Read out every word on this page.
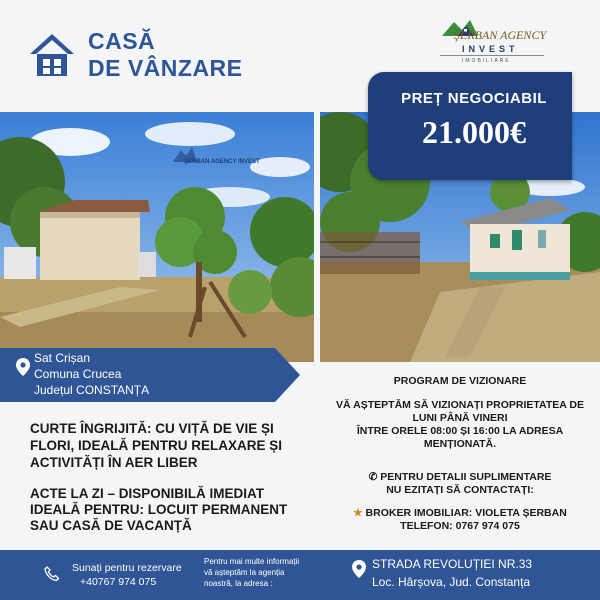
CASĂ
DE VÂNZARE
ŞERBAN AGENCY
INVEST
IMOBILIARE
ŞERBAN AGENCY INVEST
PREȚ NEGOCIABIL
21.000€
Sat Crișan
Comuna Crucea
Județul CONSTANȚA
CURTE ÎNGRIJITĂ: CU VIȚĂ DE VIE ȘI FLORI, IDEALĂ PENTRU RELAXARE ȘI ACTIVITĂȚI ÎN AER LIBER
ACTE LA ZI – DISPONIBILĂ IMEDIAT IDEALĂ PENTRU: LOCUIT PERMANENT SAU CASĂ DE VACANȚĂ
PROGRAM DE VIZIONARE
VĂ AȘTEPTĂM SĂ VIZIONAȚI PROPRIETATEA DE
LUNI PÂNĂ VINERI
ÎNTRE ORELE 08:00 ȘI 16:00 LA ADRESA
MENȚIONATĂ.
✆ PENTRU DETALII SUPLIMENTARE
NU EZITAȚI SĂ CONTACTAȚI:
★ BROKER IMOBILIAR: VIOLETA ȘERBAN
TELEFON: 0767 974 075
Sunați pentru rezervare
+40767 974 075
Pentru mai multe informații
vă așteptăm la agenția
noastră, la adresa :
STRADA REVOLUȚIEI NR.33
Loc. Hârșova, Jud. Constanța
